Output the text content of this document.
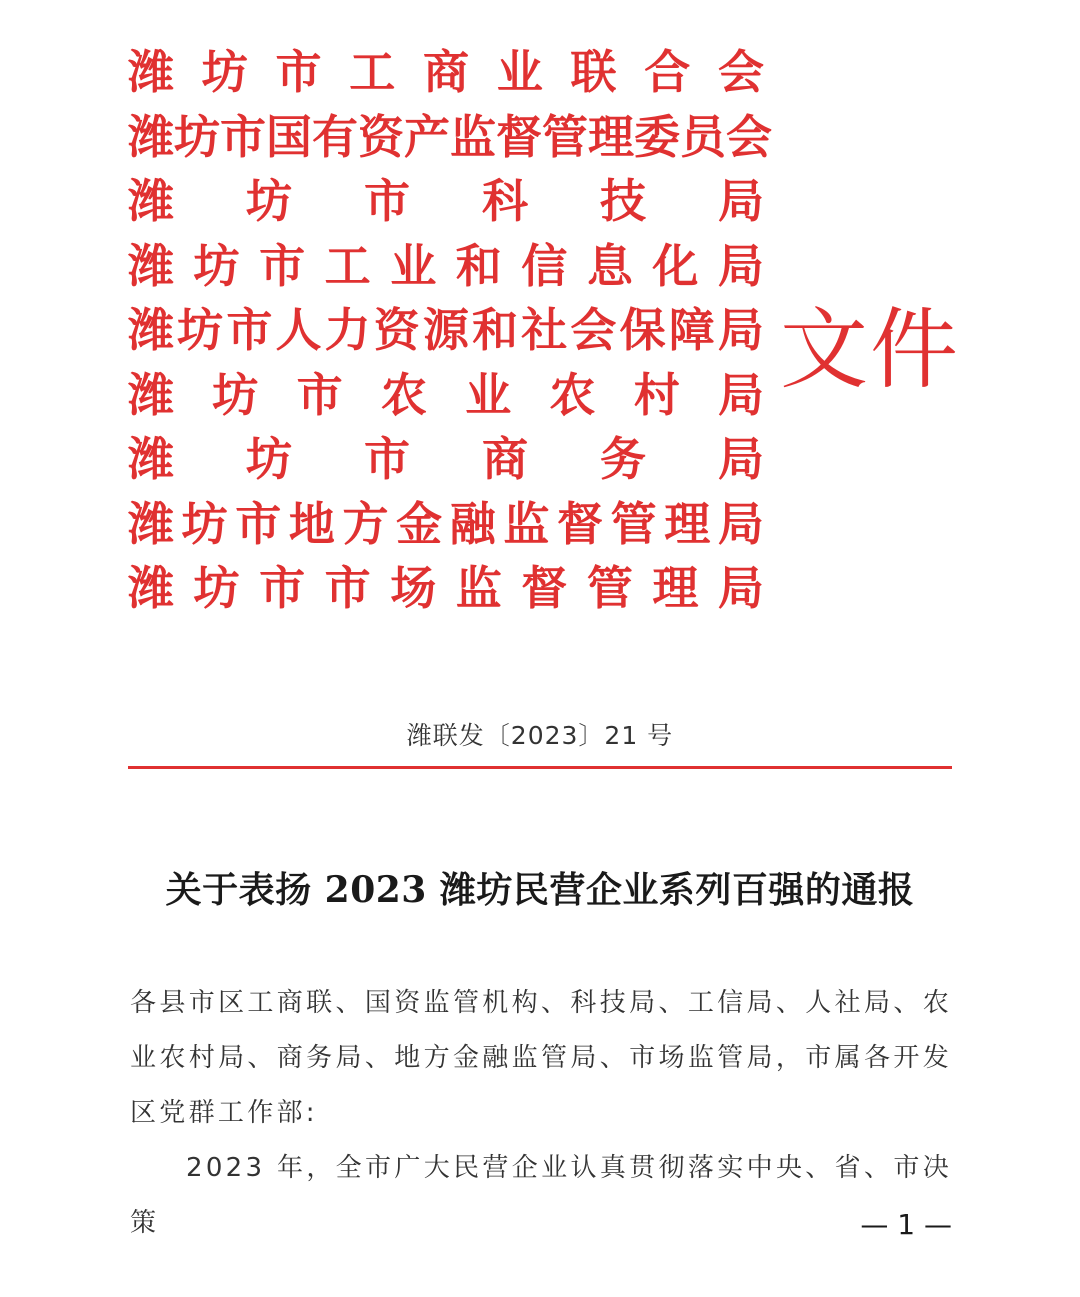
潍 坊 市 工 商 业 联 合 会
潍 坊 市 国 有 资 产 监 督 管 理 委 员 会
潍 坊 市 科 技 局
潍 坊 市 工 业 和 信 息 化 局
潍 坊 市 人 力 资 源 和 社 会 保 障 局
潍 坊 市 农 业 农 村 局
潍 坊 市 商 务 局
潍 坊 市 地 方 金 融 监 督 管 理 局
潍 坊 市 市 场 监 督 管 理 局
文件
潍联发〔2023〕21 号
关于表扬 2023 潍坊民营企业系列百强的通报

各县市区工商联、国资监管机构、科技局、工信局、人社局、农业农村局、商务局、地方金融监管局、市场监管局，市属各开发区党群工作部:

2023 年，全市广大民营企业认真贯彻落实中央、省、市决策	— 1 —
